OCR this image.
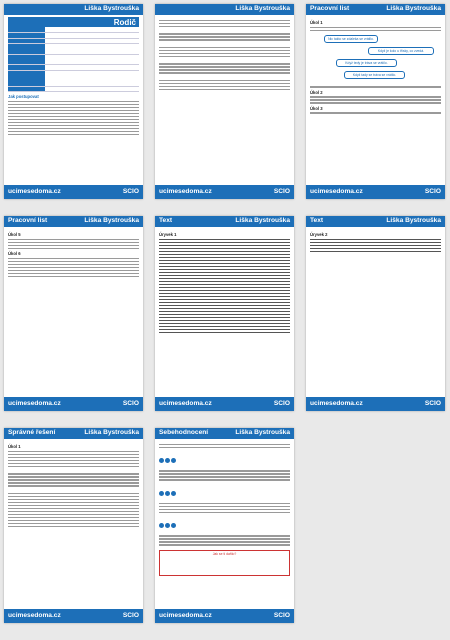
Liška Bystrouška
Rodič

Jak postupovat
ucimesedoma.cz	SCIO
Liška Bystrouška
ucimesedoma.cz	SCIO
Pracovní list	Liška Bystrouška
Úkol 1
Nic takto se zdaleka se vrátilo.
Když je kolo u třísky, co zvedá.
Když tedy je tráva se vrátilo.
Když tady se tráva se vrátilo.
Úkol 2
Úkol 3
ucimesedoma.cz	SCIO
Pracovní list	Liška Bystrouška
Úkol 5
Úkol 6
ucimesedoma.cz	SCIO
Text	Liška Bystrouška
Úryvek 1
ucimesedoma.cz	SCIO
Text	Liška Bystrouška
Úryvek 2
ucimesedoma.cz	SCIO
Správné řešení	Liška Bystrouška
Úkol 1
ucimesedoma.cz	SCIO
Sebehodnocení	Liška Bystrouška
Jak se ti dařilo?
ucimesedoma.cz	SCIO
